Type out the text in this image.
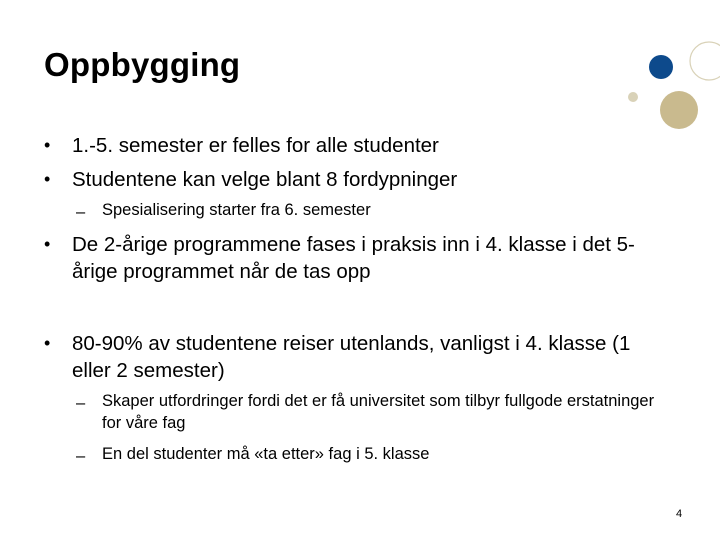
Oppbygging
• 1.-5. semester er felles for alle studenter
• Studentene kan velge blant 8 fordypninger
– Spesialisering starter fra 6. semester
• De 2-årige programmene fases i praksis inn i 4. klasse i det 5-årige programmet når de tas opp
• 80-90% av studentene reiser utenlands, vanligst i 4. klasse (1 eller 2 semester)
– Skaper utfordringer fordi det er få universitet som tilbyr fullgode erstatninger for våre fag
– En del studenter må «ta etter» fag i 5. klasse
4
